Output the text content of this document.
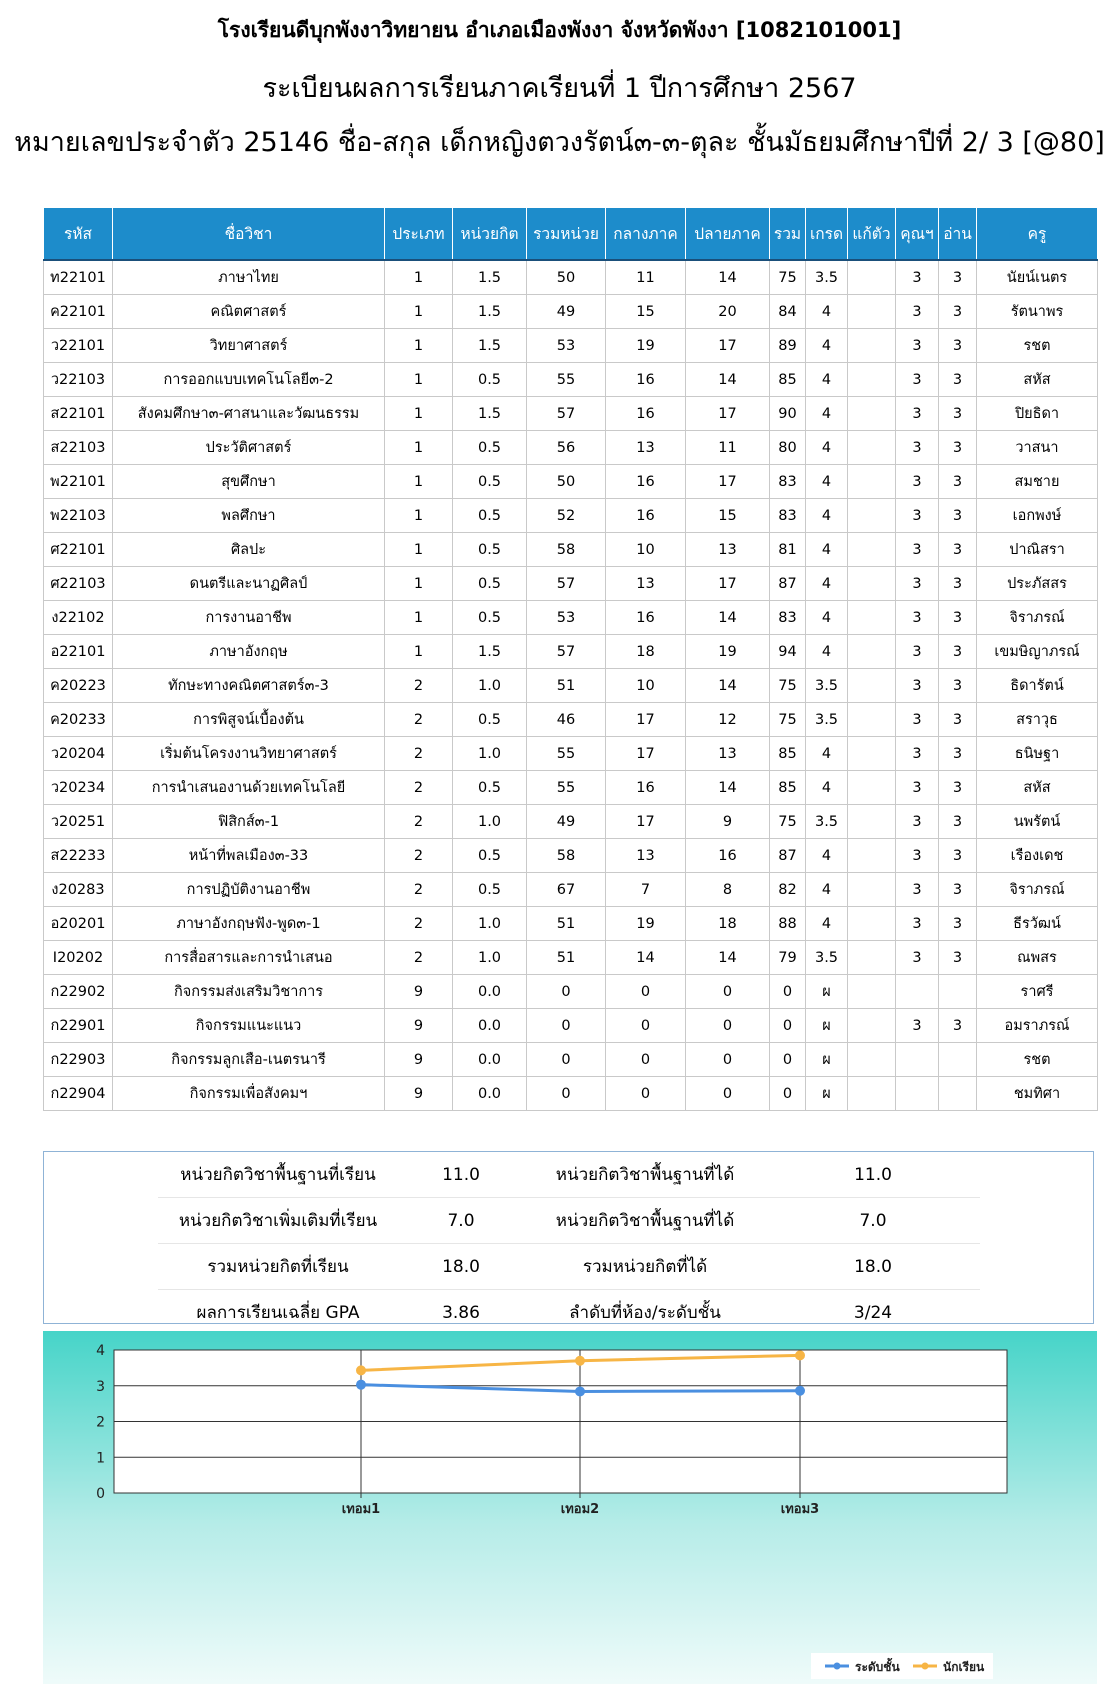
โรงเรียนดีบุกพังงาวิทยายน อำเภอเมืองพังงา จังหวัดพังงา [1082101001]
ระเบียนผลการเรียนภาคเรียนที่ 1 ปีการศึกษา 2567
หมายเลขประจำตัว 25146 ชื่อ-สกุล เด็กหญิงตวงรัตน์๓-๓-ตุละ ชั้นมัธยมศึกษาปีที่ 2/ 3 [@80]
รหัส	ชื่อวิชา	ประเภท	หน่วยกิต	รวมหน่วย	กลางภาค	ปลายภาค	รวม	เกรด	แก้ตัว	คุณฯ	อ่าน	ครู
ท22101	ภาษาไทย	1	1.5	50	11	14	75	3.5		3	3	นัยน์เนตร
ค22101	คณิตศาสตร์	1	1.5	49	15	20	84	4		3	3	รัตนาพร
ว22101	วิทยาศาสตร์	1	1.5	53	19	17	89	4		3	3	รชต
ว22103	การออกแบบเทคโนโลยี๓-2	1	0.5	55	16	14	85	4		3	3	สหัส
ส22101	สังคมศึกษา๓-ศาสนาและวัฒนธรรม	1	1.5	57	16	17	90	4		3	3	ปิยธิดา
ส22103	ประวัติศาสตร์	1	0.5	56	13	11	80	4		3	3	วาสนา
พ22101	สุขศึกษา	1	0.5	50	16	17	83	4		3	3	สมชาย
พ22103	พลศึกษา	1	0.5	52	16	15	83	4		3	3	เอกพงษ์
ศ22101	ศิลปะ	1	0.5	58	10	13	81	4		3	3	ปาณิสรา
ศ22103	ดนตรีและนาฏศิลป์	1	0.5	57	13	17	87	4		3	3	ประภัสสร
ง22102	การงานอาชีพ	1	0.5	53	16	14	83	4		3	3	จิราภรณ์
อ22101	ภาษาอังกฤษ	1	1.5	57	18	19	94	4		3	3	เขมษิญาภรณ์
ค20223	ทักษะทางคณิตศาสตร์๓-3	2	1.0	51	10	14	75	3.5		3	3	ธิดารัตน์
ค20233	การพิสูจน์เบื้องต้น	2	0.5	46	17	12	75	3.5		3	3	สราวุธ
ว20204	เริ่มต้นโครงงานวิทยาศาสตร์	2	1.0	55	17	13	85	4		3	3	ธนิษฐา
ว20234	การนำเสนองานด้วยเทคโนโลยี	2	0.5	55	16	14	85	4		3	3	สหัส
ว20251	ฟิสิกส์๓-1	2	1.0	49	17	9	75	3.5		3	3	นพรัตน์
ส22233	หน้าที่พลเมือง๓-33	2	0.5	58	13	16	87	4		3	3	เรืองเดช
ง20283	การปฏิบัติงานอาชีพ	2	0.5	67	7	8	82	4		3	3	จิราภรณ์
อ20201	ภาษาอังกฤษฟัง-พูด๓-1	2	1.0	51	19	18	88	4		3	3	ธีรวัฒน์
I20202	การสื่อสารและการนำเสนอ	2	1.0	51	14	14	79	3.5		3	3	ณพสร
ก22902	กิจกรรมส่งเสริมวิชาการ	9	0.0	0	0	0	0	ผ				ราศรี
ก22901	กิจกรรมแนะแนว	9	0.0	0	0	0	0	ผ		3	3	อมราภรณ์
ก22903	กิจกรรมลูกเสือ-เนตรนารี	9	0.0	0	0	0	0	ผ				รชต
ก22904	กิจกรรมเพื่อสังคมฯ	9	0.0	0	0	0	0	ผ				ชมทิศา
หน่วยกิตวิชาพื้นฐานที่เรียน	11.0	หน่วยกิตวิชาพื้นฐานที่ได้	11.0
หน่วยกิตวิชาเพิ่มเติมที่เรียน	7.0	หน่วยกิตวิชาพื้นฐานที่ได้	7.0
รวมหน่วยกิตที่เรียน	18.0	รวมหน่วยกิตที่ได้	18.0
ผลการเรียนเฉลี่ย GPA	3.86	ลำดับที่ห้อง/ระดับชั้น	3/24
0
1
2
3
4
เทอม1	เทอม2	เทอม3
ระดับชั้น	นักเรียน
